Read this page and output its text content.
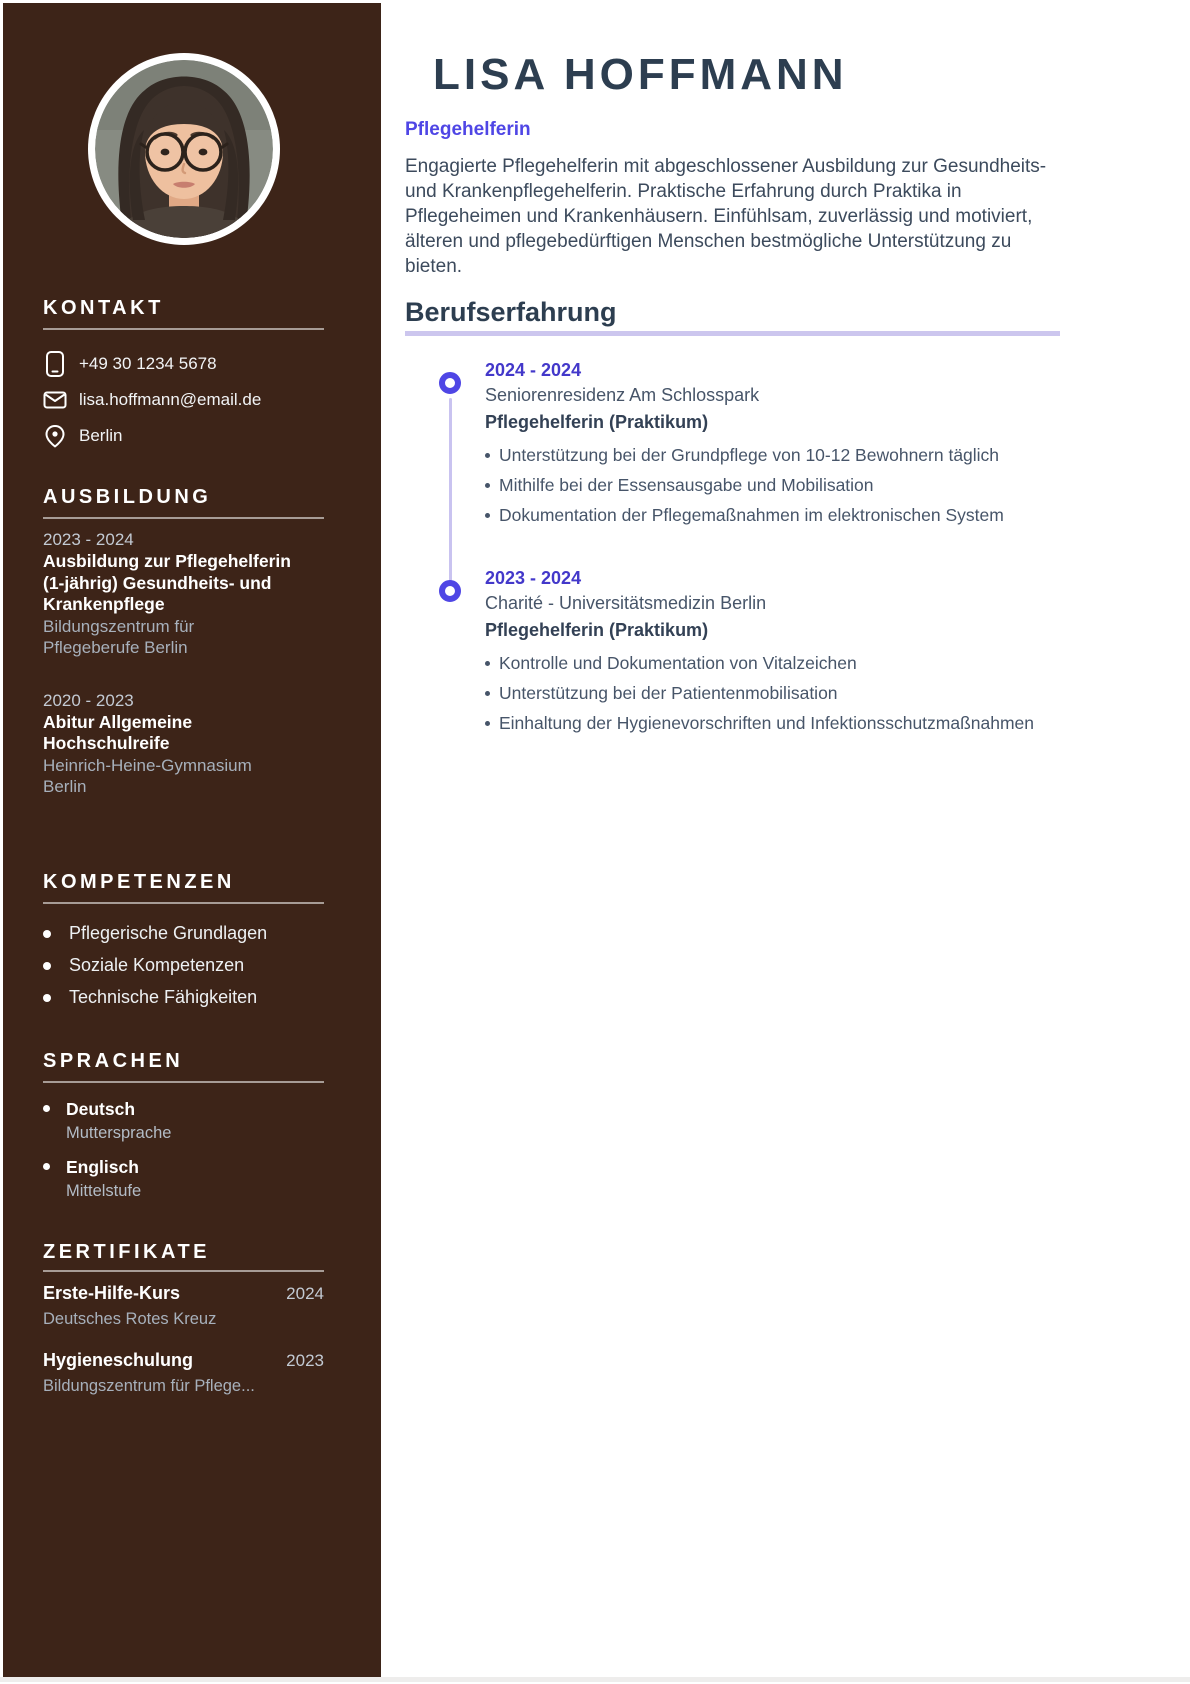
KONTAKT
+49 30 1234 5678
lisa.hoffmann@email.de
Berlin
AUSBILDUNG
2023 - 2024
Ausbildung zur Pflegehelferin (1-jährig) Gesundheits- und Krankenpflege
Bildungszentrum für Pflegeberufe Berlin
2020 - 2023
Abitur Allgemeine Hochschulreife
Heinrich-Heine-Gymnasium Berlin
KOMPETENZEN
Pflegerische Grundlagen
Soziale Kompetenzen
Technische Fähigkeiten
SPRACHEN
Deutsch
Muttersprache
Englisch
Mittelstufe
ZERTIFIKATE
Erste-Hilfe-Kurs	2024
Deutsches Rotes Kreuz
Hygieneschulung	2023
Bildungszentrum für Pflege...
LISA HOFFMANN
Pflegehelferin

Engagierte Pflegehelferin mit abgeschlossener Ausbildung zur Gesundheits- und Krankenpflegehelferin. Praktische Erfahrung durch Praktika in Pflegeheimen und Krankenhäusern. Einfühlsam, zuverlässig und motiviert, älteren und pflegebedürftigen Menschen bestmögliche Unterstützung zu bieten.

Berufserfahrung
2024 - 2024
Seniorenresidenz Am Schlosspark
Pflegehelferin (Praktikum)
Unterstützung bei der Grundpflege von 10-12 Bewohnern täglich
Mithilfe bei der Essensausgabe und Mobilisation
Dokumentation der Pflegemaßnahmen im elektronischen System
2023 - 2024
Charité - Universitätsmedizin Berlin
Pflegehelferin (Praktikum)
Kontrolle und Dokumentation von Vitalzeichen
Unterstützung bei der Patientenmobilisation
Einhaltung der Hygienevorschriften und Infektionsschutzmaßnahmen
